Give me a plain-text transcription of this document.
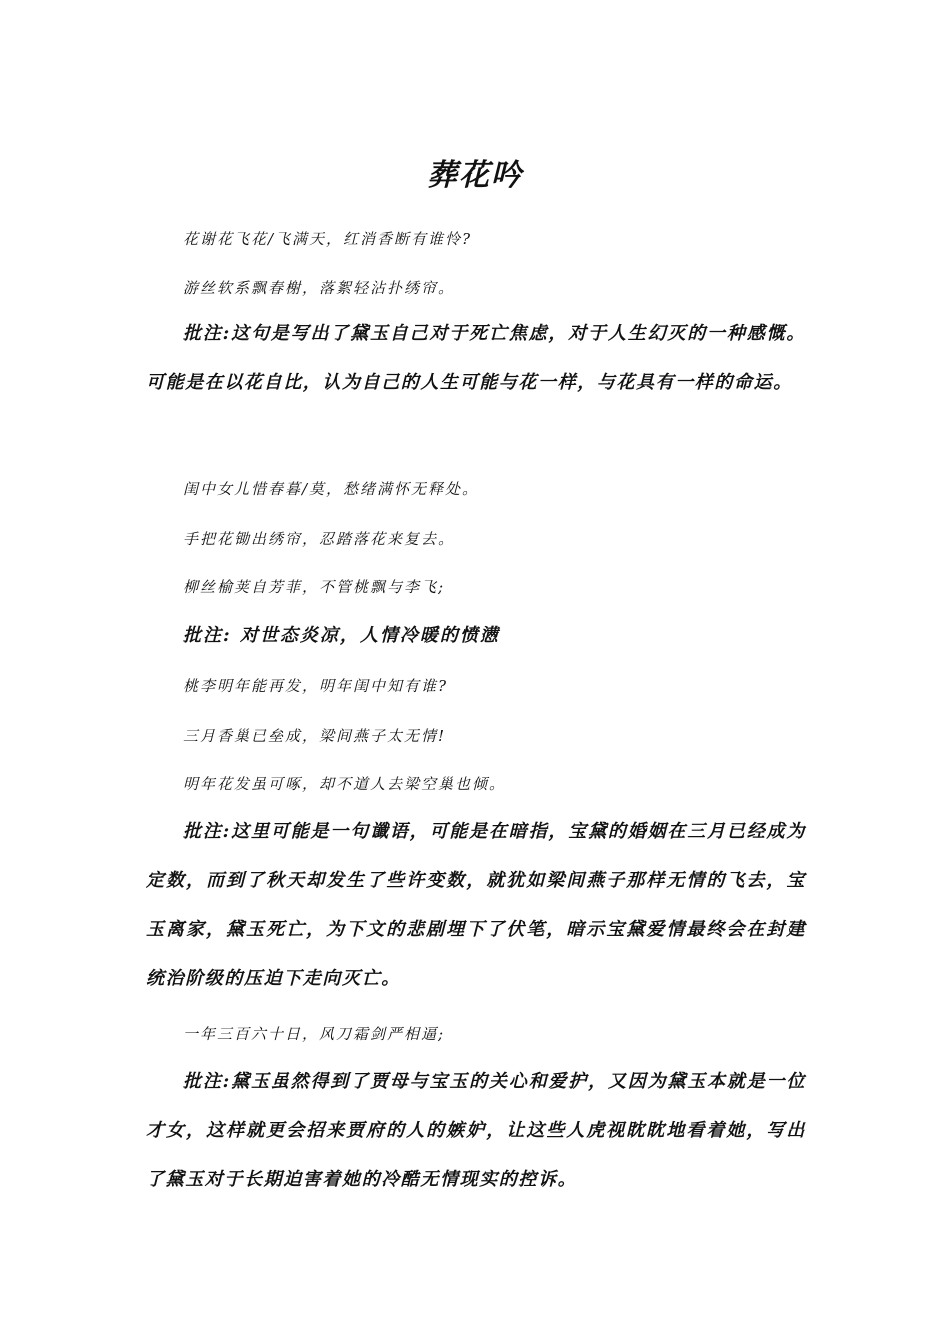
葬花吟

花谢花飞花/飞满天，红消香断有谁怜?

游丝软系飘春榭，落絮轻沾扑绣帘。

批注:这句是写出了黛玉自己对于死亡焦虑，对于人生幻灭的一种感慨。可能是在以花自比，认为自己的人生可能与花一样，与花具有一样的命运。

闺中女儿惜春暮/莫，愁绪满怀无释处。

手把花锄出绣帘，忍踏落花来复去。

柳丝榆荚自芳菲，不管桃飘与李飞;

批注: 对世态炎凉，人情冷暖的愤懑

桃李明年能再发，明年闺中知有谁?

三月香巢已垒成，梁间燕子太无情!

明年花发虽可啄，却不道人去梁空巢也倾。

批注:这里可能是一句谶语，可能是在暗指，宝黛的婚姻在三月已经成为定数，而到了秋天却发生了些许变数，就犹如梁间燕子那样无情的飞去，宝玉离家，黛玉死亡，为下文的悲剧埋下了伏笔，暗示宝黛爱情最终会在封建统治阶级的压迫下走向灭亡。

一年三百六十日，风刀霜剑严相逼;

批注:黛玉虽然得到了贾母与宝玉的关心和爱护，又因为黛玉本就是一位才女，这样就更会招来贾府的人的嫉妒，让这些人虎视眈眈地看着她，写出了黛玉对于长期迫害着她的冷酷无情现实的控诉。
